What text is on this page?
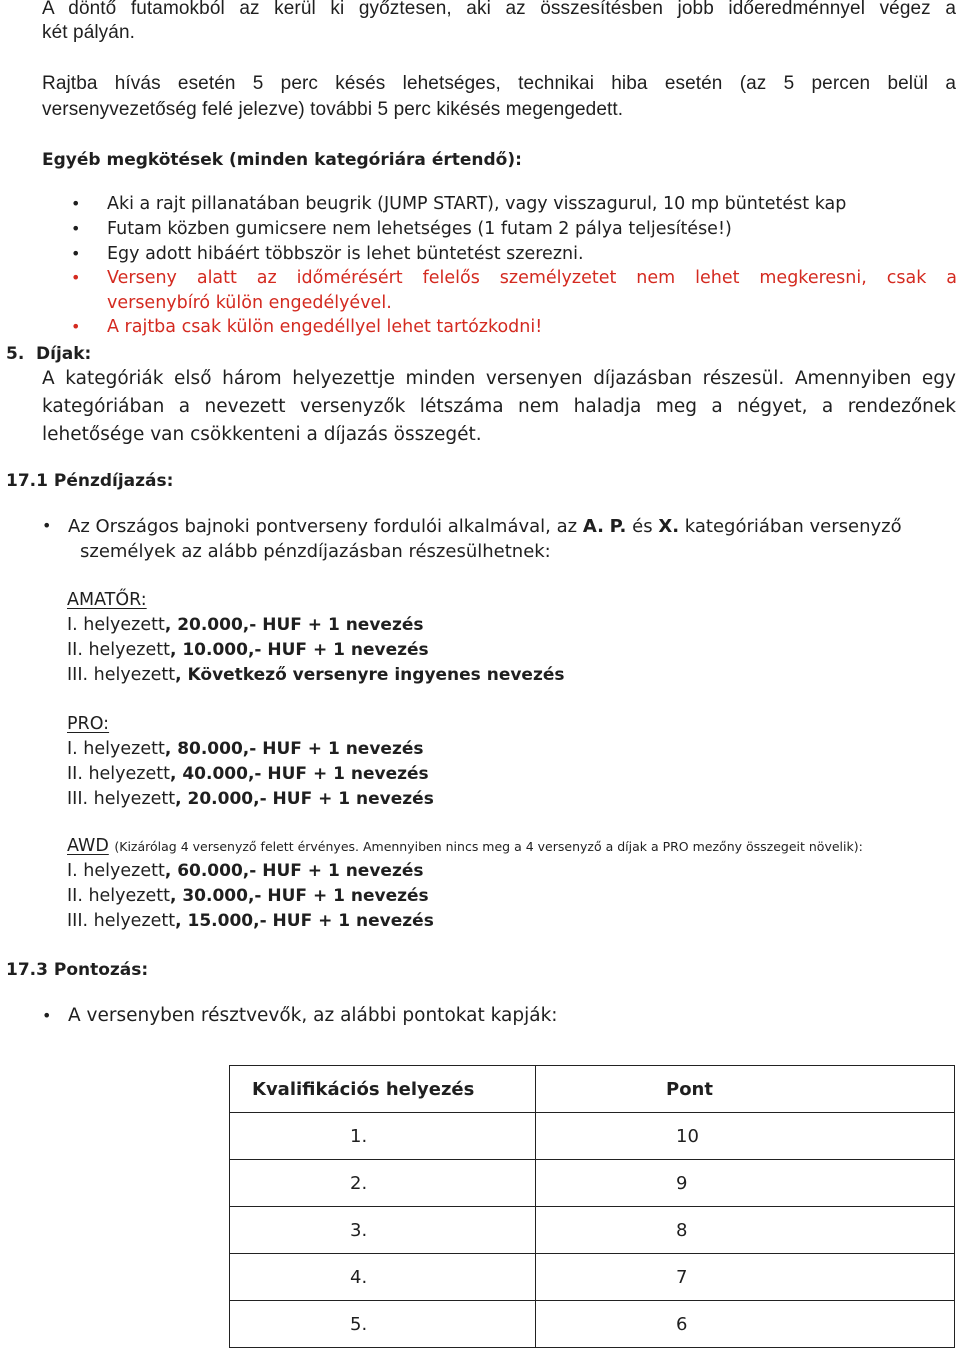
A döntő futamokból az kerül ki győztesen, aki az összesítésben jobb időeredménnyel végez a
két pályán.
Rajtba hívás esetén 5 perc késés lehetséges, technikai hiba esetén (az 5 percen belül a
versenyvezetőség felé jelezve) további 5 perc kikésés megengedett.
Egyéb megkötések (minden kategóriára értendő):
•
Aki a rajt pillanatában beugrik (JUMP START), vagy visszagurul, 10 mp büntetést kap
•
Futam közben gumicsere nem lehetséges (1 futam 2 pálya teljesítése!)
•
Egy adott hibáért többször is lehet büntetést szerezni.
•
Verseny alatt az időmérésért felelős személyzetet nem lehet megkeresni, csak a
versenybíró külön engedélyével.
•
A rajtba csak külön engedéllyel lehet tartózkodni!
5. Díjak:
A kategóriák első három helyezettje minden versenyen díjazásban részesül. Amennyiben egy
kategóriában a nevezett versenyzők létszáma nem haladja meg a négyet, a rendezőnek
lehetősége van csökkenteni a díjazás összegét.
17.1 Pénzdíjazás:
•
Az Országos bajnoki pontverseny fordulói alkalmával, az A. P. és X. kategóriában versenyző
személyek az alább pénzdíjazásban részesülhetnek:
AMATŐR:
I. helyezett, 20.000,- HUF + 1 nevezés
II. helyezett, 10.000,- HUF + 1 nevezés
III. helyezett, Következő versenyre ingyenes nevezés
PRO:
I. helyezett, 80.000,- HUF + 1 nevezés
II. helyezett, 40.000,- HUF + 1 nevezés
III. helyezett, 20.000,- HUF + 1 nevezés
AWD (Kizárólag 4 versenyző felett érvényes. Amennyiben nincs meg a 4 versenyző a díjak a PRO mezőny összegeit növelik):
I. helyezett, 60.000,- HUF + 1 nevezés
II. helyezett, 30.000,- HUF + 1 nevezés
III. helyezett, 15.000,- HUF + 1 nevezés
17.3 Pontozás:
•
A versenyben résztvevők, az alábbi pontokat kapják:
Kvalifikációs helyezés	Pont
1.	10
2.	9
3.	8
4.	7
5.	6
